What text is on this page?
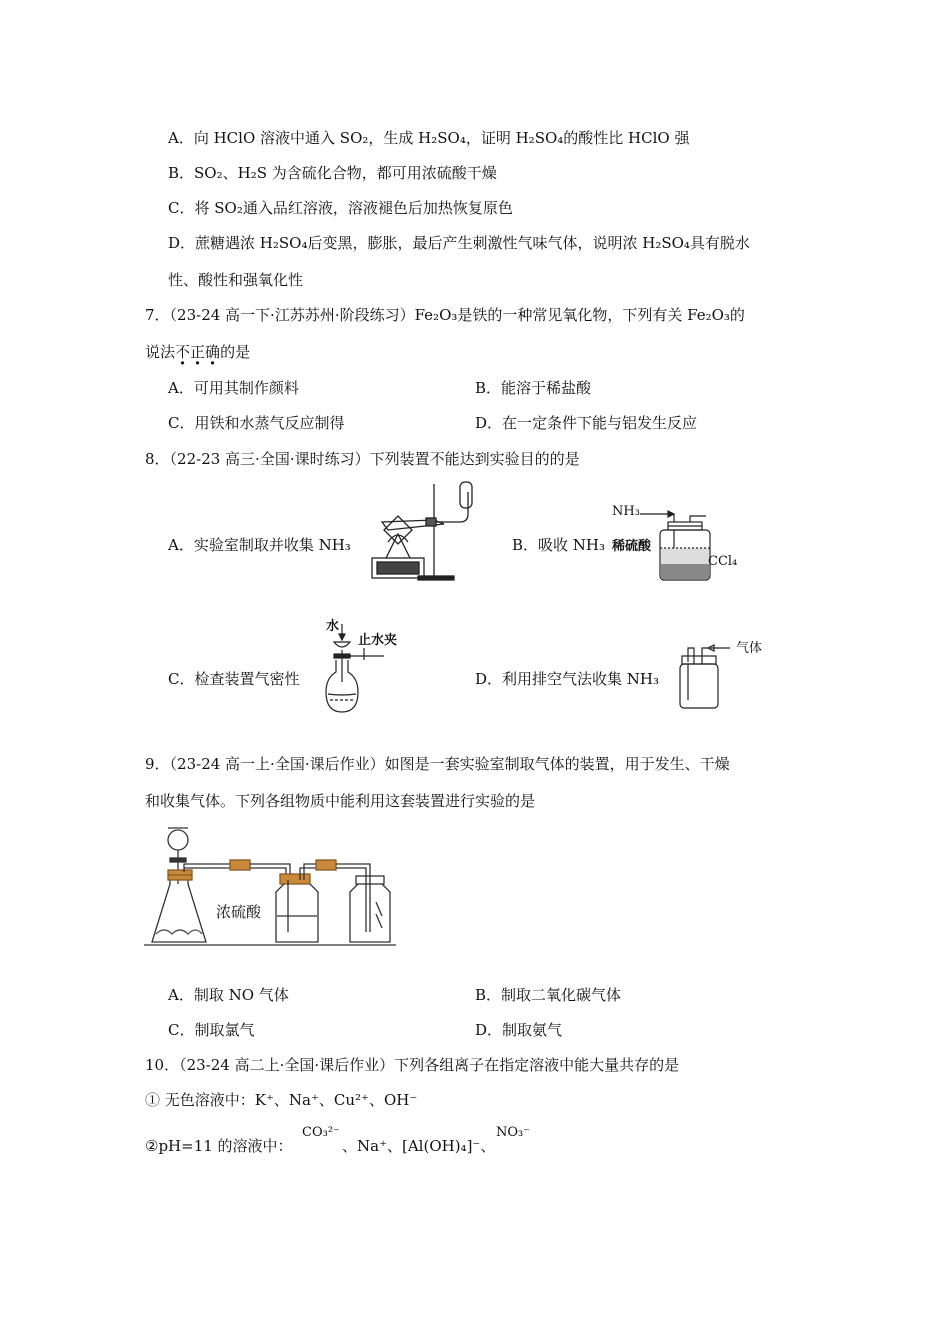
A．向 HClO 溶液中通入 SO₂，生成 H₂SO₄，证明 H₂SO₄的酸性比 HClO 强
B．SO₂、H₂S 为含硫化合物，都可用浓硫酸干燥
C．将 SO₂通入品红溶液，溶液褪色后加热恢复原色
D．蔗糖遇浓 H₂SO₄后变黑，膨胀，最后产生刺激性气味气体，说明浓 H₂SO₄具有脱水
性、酸性和强氧化性
7．（23-24 高一下·江苏苏州·阶段练习）Fe₂O₃是铁的一种常见氧化物，下列有关 Fe₂O₃的
说法不正确的是
A．可用其制作颜料	B．能溶于稀盐酸
C．用铁和水蒸气反应制得	D．在一定条件下能与铝发生反应
8．（22-23 高三·全国·课时练习）下列装置不能达到实验目的的是
A．实验室制取并收集 NH₃	B．吸收 NH₃
C．检查装置气密性	D．利用排空气法收集 NH₃
NH₃
稀硫酸
CCl₄
水
止水夹
气体
9．（23-24 高一上·全国·课后作业）如图是一套实验室制取气体的装置，用于发生、干燥
和收集气体。下列各组物质中能利用这套装置进行实验的是
浓硫酸
A．制取 NO 气体	B．制取二氧化碳气体
C．制取氯气	D．制取氨气
10．（23-24 高二上·全国·课后作业）下列各组离子在指定溶液中能大量共存的是
① 无色溶液中：K⁺、Na⁺、Cu²⁺、OH⁻
②pH=11 的溶液中：
CO₃²⁻
、Na⁺、[Al(OH)₄]⁻、
NO₃⁻
